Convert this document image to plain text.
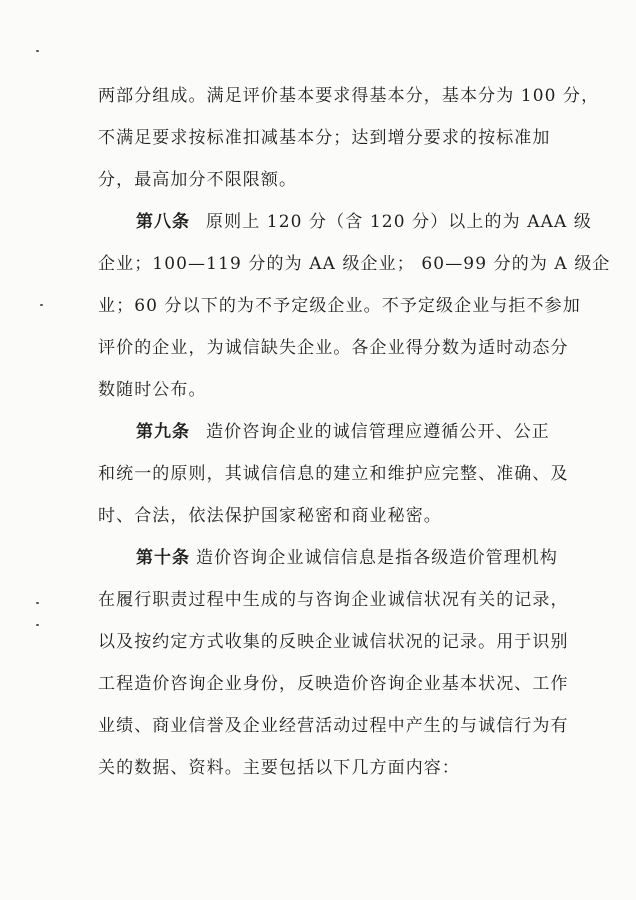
两部分组成。满足评价基本要求得基本分，基本分为 100 分，
不满足要求按标准扣减基本分；达到增分要求的按标准加
分，最高加分不限限额。
第八条 原则上 120 分（含 120 分）以上的为 AAA 级
企业；100—119 分的为 AA 级企业； 60—99 分的为 A 级企
业；60 分以下的为不予定级企业。不予定级企业与拒不参加
评价的企业，为诚信缺失企业。各企业得分数为适时动态分
数随时公布。
第九条 造价咨询企业的诚信管理应遵循公开、公正
和统一的原则，其诚信信息的建立和维护应完整、准确、及
时、合法，依法保护国家秘密和商业秘密。
第十条 造价咨询企业诚信信息是指各级造价管理机构
在履行职责过程中生成的与咨询企业诚信状况有关的记录，
以及按约定方式收集的反映企业诚信状况的记录。用于识别
工程造价咨询企业身份，反映造价咨询企业基本状况、工作
业绩、商业信誉及企业经营活动过程中产生的与诚信行为有
关的数据、资料。主要包括以下几方面内容：
